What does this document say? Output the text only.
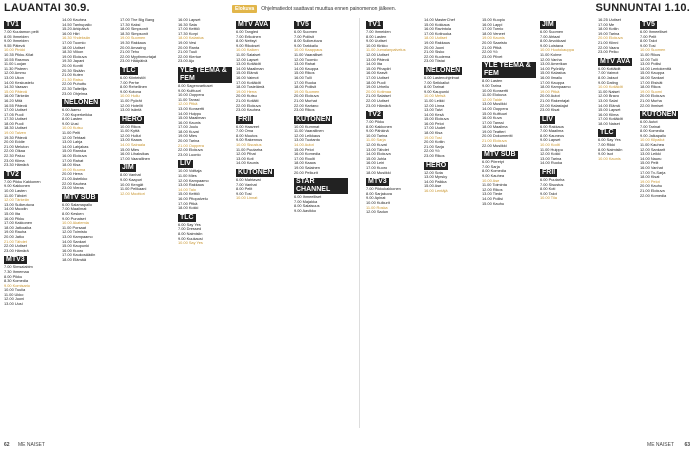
LAUANTAI 30.9.	Elokuva	Ohjelmatiedot saattavat muuttua ennen painomenon jälkeen.	SUNNUNTAI 1.10.
TV1
7.00 Kuutamon pelit
8.05 Ihmeiden
9.00 Ihmeiden
9.55 Pätevä
10.00 Pinkki
10.35 Pikku-Kilat
10.55 Rasmus
11.00 Luojan
11.30 Pisteen
12.00 Ammu
13.00 Ukon
14.00 Keskustelu
14.30 Vaasan
15.00 Pätevä
16.00 Tärkeän
16.20 Mitä
16.55 Pätevä
17.00 Uutiset
17.05 Puoli
17.30 Uutiset
18.00 Puoli
18.30 Uutiset
19.00 Talven
19.30 Pätevä
20.00 Eddie
21.00 Meluton
22.00 Olkaa
22.30 Paluu
23.00 Kiima
23.30 Hämärä
TV2
7.00 Pikku Kakkonen
9.00 Kakkonen
10.00 Lasten
11.00 Tähdet
12.00 Tärkeän
13.00 Sulkeutuva
14.00 Muodin
15.00 Ilta
16.00 Pikku
17.00 Kakkonen
18.00 Jatkoaika
19.00 Rauha
20.00 Jatko
21.00 Tähdet
22.00 Uutiset
23.00 Hämärä
MTV3
7.00 Simsalabim
7.30 Ihmemaa
8.00 Pikku
8.30 Komedia
9.00 Komisario
10.00 Tuulia
11.00 Ukko
12.00 Juoni
13.00 Uusi
14.00 Kauhea
14.50 Tanhupallo
15.20 Arkipäivä
16.00 Hiiri
16.30 Yhdeksän
17.00 Tuomio
18.00 Uutiset
18.30 Viikon
19.00 Elokuva
19.30 Japani
20.00 Kontti
20.30 Sisään
21.00 Kuten
21.30 Ratsu
22.00 Puhuttu
22.30 Taiteilija
23.00 Ohjelma
NELONEN
6.00 Aamu
7.00 Kuperkeikka
8.00 Lasten
9.00 Uusi
10.00 Kutsu
11.00 Pelti
12.00 Tehtaat
13.00 Lahja
14.00 Lahjakas
15.00 Ranska
16.00 Elokuva
17.00 Rahat
18.00 Kisa
19.00 Kuuma
20.00 Herra
21.00 Asteikko
22.00 Kauhea
23.00 Vieras
MTV SUB
6.00 Salamapallo
7.00 Maailmat
8.00 Kesken
9.00 Punaiset
10.00 Akatemia
11.00 Porsaat
12.00 Toimisto
13.00 Kampaamo
14.00 Sankari
15.00 Kaupunki
16.00 Kuoro
17.00 Kaukosäädin
18.00 Elämää
17.00 The Big Bang
17.30 Kaksi
18.00 Simpsonit
18.30 Simpsonit
19.00 Suomen
19.30 Rakkaus
20.00 Amazing
21.00 Teho
22.00 Myytinmurtajat
23.00 Hääpäivä
TLC
6.00 Kiinteistöt
7.00 Perhe
8.00 Rehellinen
9.00 Kotona
10.00 Hullu
11.00 Pyörät
12.00 Hotellit
13.00 Isäntä
HERO
10.00 Rikos
11.00 Kyttä
12.00 Hullut
13.00 Kaaos
14.00 Sairaala
15.00 Mies
16.00 Lihaksikas
17.00 Vaarallinen
JIM
8.00 Vanhat
9.00 Kaapuri
10.00 Kengät
11.00 Pelikaani
12.00 Moottori
16.00 Lapset
16.30 Sata
17.00 Keittiö
17.30 Korpi
18.00 Kalastus
19.00 Vesi
20.00 Ranta
21.00 Tuuli
22.00 Kiertue
23.00 Ajo
YLE TEEMA & FEM
8.00 Sagenvartiuset
9.00 Kulttuuri
10.00 Ooppera
11.00 Tanssi
12.00 Pitkä
13.00 Konsertti
14.00 Huippu
15.00 Maailman
16.00 Kaunis
17.00 Joulu
18.00 Kuvat
19.00 Mies
20.00 Tarina
21.00 Ooppera
22.00 Elokuva
23.00 Luonto
LIV
10.00 Voittaja
11.00 Mies
12.00 Kampaamo
13.00 Rakkaus
14.00 Talo
15.00 Keittiö
16.00 Pitopalvelu
17.00 Pitkä
18.00 Kokki
TLC
6.00 Say Yes
7.00 Dressed
8.00 Naimisiin
9.00 Kuukausi
10.00 Say Yes
MTV AVA
6.00 Tangled
7.00 Erikoinen
8.00 Neitsyt
9.00 Rikokset
10.00 Kaiken
11.00 Salaiset
12.00 Lapset
13.00 Kotiäidit
14.00 Maailman
15.00 Elämä
16.00 Vaimot
17.00 Kotiäidit
18.00 Tosielämä
19.00 Herra
20.00 Kutsu
21.00 Kotiäiti
22.00 Elokuva
23.00 Kauhea
FRII
6.00 Haaveet
7.00 Oma
8.00 Muutos
9.00 Rakennus
10.00 Sisustus
11.00 Puutarha
12.00 Pihat
13.00 Koti
14.00 Kaunis
KUTONEN
6.00 Mahtavat
7.00 Vanhat
8.00 Pelit
9.00 Tosi
10.00 Linnat
TV5
6.00 Suomen
7.00 Poliisit
8.00 Sulkeutuva
9.00 Tarkkailu
10.00 Kaappaus
11.00 Vaaralliset
12.00 Tuomio
13.00 Rahat
14.00 Kauppa
15.00 Rikos
16.00 Tulli
17.00 Ruoka
18.00 Poliisit
19.00 Suomen
20.00 Elokuva
21.00 Murhat
22.00 Kartano
23.00 Rikos
KUTONEN
10.00 Kummat
11.00 Vaarallinen
12.00 Leikkaus
13.00 Tuotanto
14.00 Autot
15.00 Pelot
16.00 Komedia
17.00 Roolit
18.00 Kaaos
19.00 Salainen
20.00 Pelkurit
STAR CHANNEL
6.00 Ihmeelliset
7.00 Majakka
8.00 Salaisuus
9.00 Aavikko
TV1
7.00 Ihmeiden
8.00 Lasten
9.00 Uutiset
10.00 Kirkko
11.00 Jumalanpalvelus
12.00 Uutiset
13.00 Pätevä
14.00 Ilta
15.00 Pihapiiri
16.00 Kasvit
17.00 Uutiset
18.00 Puoli
19.00 Urheilu
20.00 Kotimaa
21.00 Salaiset
22.00 Uutiset
23.00 Hämärä
TV2
7.00 Pikku
8.00 Kakkonen
9.00 Pähkinä
10.00 Tarina
11.00 Sarja
12.00 Kuvat
13.00 Tähdet
14.00 Elokuva
15.00 Juhla
16.00 Leiri
17.00 Kuoro
18.00 Musiikki
MTV3
7.00 Pikkukakkonen
8.00 Sarjakuva
9.00 Apinat
10.00 Kulkurit
11.00 Roska
12.00 Sadun
14.00 MasterChef
15.00 Kokkaus
16.00 Ravintola
17.00 Kotiruoka
18.00 Uutiset
19.00 Rakkaus
20.00 Juoni
21.00 Sisko
22.00 Kuolema
23.00 Tiistai
NELONEN
6.00 Lastenohjelmat
7.00 Seikkailut
8.00 Tarinat
9.00 Kaupunki
10.00 Metsä
11.00 Leikki
12.00 Linna
13.00 Talvi
14.00 Kesä
15.00 Elokuva
16.00 Pelot
17.00 Uudet
18.00 Kisa
19.00 Tosi
20.00 Kotiin
21.00 Sarja
22.00 Yö
23.00 Rikos
HERO
12.00 Sota
13.00 Myrsky
14.00 Paikka
15.00 Ase
16.00 Lentäjä
15.00 Kuopio
16.00 Lappi
17.00 Tornio
18.00 Veneet
19.00 Kaunis
20.00 Saaristo
21.00 Pitkä
22.00 Yö
23.00 Pilvet
YLE TEEMA & FEM
8.00 Lasten
9.00 Tarina
10.00 Konsertti
11.00 Elokuva
12.00 Taide
13.00 Musiikki
14.00 Ooppera
15.00 Kulttuuri
16.00 Kuva
17.00 Tanssi
18.00 Maailma
19.00 Teatteri
20.00 Dokumentti
21.00 Elokuva
22.00 Musiikki
MTV SUB
6.00 Piirretyt
7.00 Sarja
8.00 Komedia
9.00 Kauhea
10.00 Ase
11.00 Toiminta
12.00 Rikos
13.00 Tiede
14.00 Poliisi
15.00 Kauhu
JIM
6.00 Suomen
7.00 Ahtaat
8.00 Arvokkaat
9.00 Loistava
10.00 Huutokauppa
11.00 Kolme
12.00 Vanha
13.00 Amerikan
14.00 Pyöräily
15.00 Kalastus
16.00 Ilmailu
17.00 Kauppa
18.00 Kampaamo
19.00 Pitkä
20.00 Autot
21.00 Rakentajat
22.00 Kalastajat
23.00 Kisat
LIV
6.00 Rakkaus
7.00 Maailma
8.00 Kauneus
9.00 Lapset
10.00 Kodit
11.00 Huippu
12.00 Kokki
13.00 Tarina
14.00 Ruoka
FRII
6.00 Puutarha
7.00 Sisustus
8.00 Koti
9.00 Talot
10.00 Tila
16.25 Uutiset
17.00 Me
18.00 Kotiin
19.00 Tarina
20.00 Elokuva
21.00 Kiinni
22.00 Vaara
23.00 Pelko
MTV AVA
6.00 Kotiäidit
7.00 Vaimot
8.00 Jaksot
9.00 Dating
10.00 Kotiäidit
11.00 Naiset
12.00 Bravo
13.00 Salat
14.00 Elämä
15.00 Lapset
16.00 Kiima
17.00 Kotiäidit
18.00 Naiset
TLC
6.00 Say Yes
7.00 Rikki
8.00 Naimisiin
9.00 Isot
10.00 Kaunis
TV5
6.00 Ihmeelliset
7.00 Pelit
8.00 Talot
9.00 Tosi
10.00 Suomen
11.00 Rikos
12.00 Tulli
13.00 Poliisi
14.00 Lentokenttä
15.00 Kauppa
16.00 Sankari
17.00 Etsivät
18.00 Rikos
19.00 Suomi
20.00 Elokuva
21.00 Murha
22.00 Ihmiset
KUTONEN
6.00 Autot
7.00 Tarinat
8.00 Komedia
9.00 Jalkapallo
10.00 Kilpailut
11.00 Kauhea
12.00 Sankarit
13.00 Leikki
14.00 Nauru
15.00 Pelit
16.00 Vanhat
17.00 Tv-Sarja
18.00 Kisat
19.00 Pelot
20.00 Kauhu
21.00 Elokuva
22.00 Komedia
62 ME NAISET	ME NAISET 63
